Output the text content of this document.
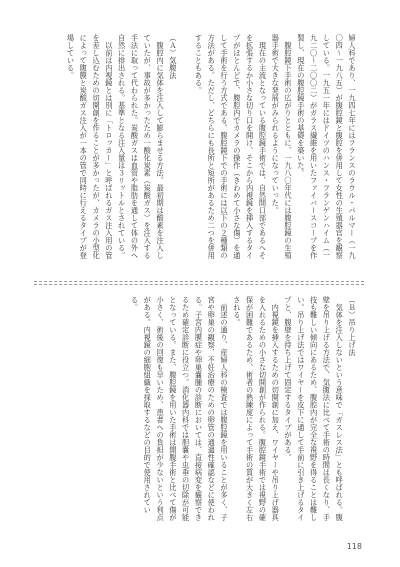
婦人科であり、一九四七年にはフランスのラウル・パルマー（一九〇四〜一九八五）が腹腔鏡と腹腔を併用して女性の生殖器官を観察している。一九五一年にはドイツのハンス・フランゲンハイム（一九二〇〜二〇〇二）がガラス繊維を用いたファイバースコープを作製し、現在の腹腔鏡手術の基礎を築いた。
　腹腔鏡下手術の広がりとともに、一九八〇年代には腹腔鏡の生殖器手術で大きな発展がみられるようになっていった。
　現在の主流となっている腹腔鏡手術では、自然開口部であるへそを拡張するか小さな切り口を開け、そこから内視鏡を挿入するタイプがほとんどで、腹腔内でカメラの操作（きわめて小さな傷）を通して手術を行う方式である。腹腔鏡下での手術には以下の２種類の方法がある。ただし、どちらにも長所と短所があるため二つを併用することもある。

（Ａ）気腹法
　腹腔内に気体を注入して膨らませる方法。最初期は酸素を注入していたが、事故が多かったため一酸化炭素（炭酸ガス）を注入する手法に取って代わられた。炭酸ガスは血管や脂肪を通して体の外へ自然に排出される。基準となる注入量は３リットルとされている。
　以前は内視鏡とは別に「トロッカー」と呼ばれるガス注入用の管を差し込むための切開創を作ることが多かったが、カメラの小型化によって腹膜と炭酸ガス注入が一本の管で同時に行えるタイプが登場している。
（Ｂ）吊り上げ法
　気体を注入しないという意味で「ガスレス法」とも呼ばれる。腹壁を吊り上げる方法で、気腹法に比べて手術の時間は長くなり、手技も難しい傾向にあるため、腹腔内が完全な視野を得ることは難しい。吊り上げ法ではワイヤーを皮下に通して手前に引き上げるタイプと、腹壁を持ち上げて固定するタイプがある。
　内視鏡を挿入するための切開創に加え、ワイヤーや吊り上げ器具を入れるための小さな切開創が作られる。腹腔鏡手術では視野の確保が困難であるため、術者の熟練度によって手術の質が大きく左右される。
　前述の通り、産婦人科の検査では腹腔鏡を用いることが多く、子宮や卵巣の観察、不妊治療のための卵管の通過性確認などに使われる。子宮内膜症や卵巣嚢腫の診断においては、直接病変を観察できるため確定診断に役立つ。消化器内科では胆嚢や虫垂の切除が可能となっている。また、腹腔鏡を用いた手術は開腹手術と比べて傷が小さく、術後の回復も早いため、患者への負担が少ないという利点がある。内視鏡の細胞組織を採取するなどの目的で使用されている。
118
